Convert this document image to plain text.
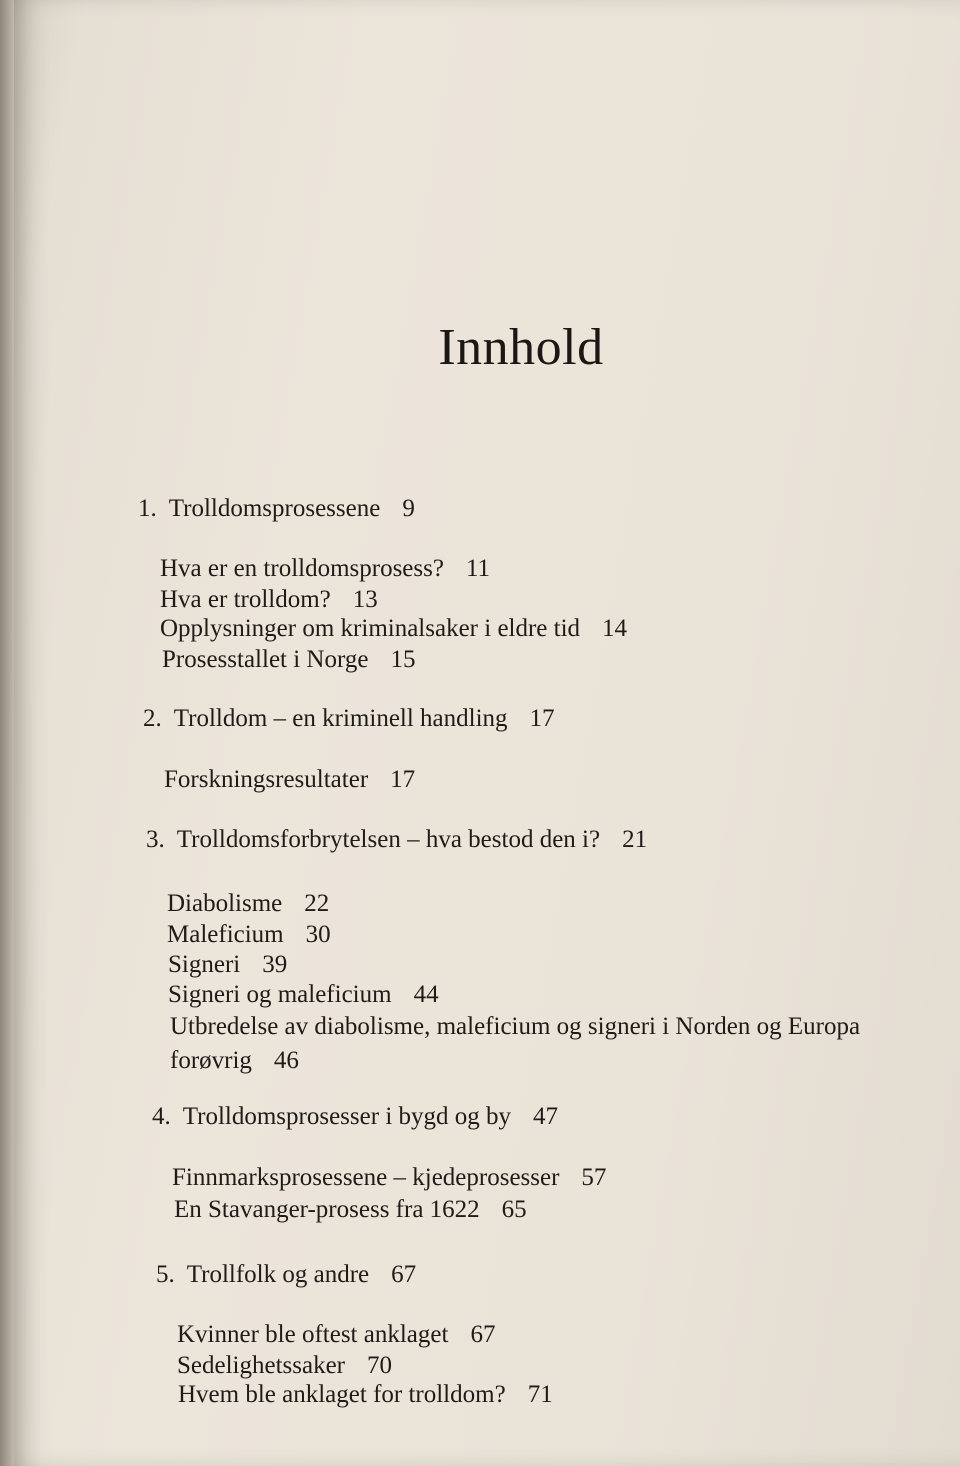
Innhold
1. Trolldomsprosessene 9
Hva er en trolldomsprosess? 11
Hva er trolldom? 13
Opplysninger om kriminalsaker i eldre tid 14
Prosesstallet i Norge 15
2. Trolldom – en kriminell handling 17
Forskningsresultater 17
3. Trolldomsforbrytelsen – hva bestod den i? 21
Diabolisme 22
Maleficium 30
Signeri 39
Signeri og maleficium 44
Utbredelse av diabolisme, maleficium og signeri i Norden og Europa forøvrig 46
4. Trolldomsprosesser i bygd og by 47
Finnmarksprosessene – kjedeprosesser 57
En Stavanger-prosess fra 1622 65
5. Trollfolk og andre 67
Kvinner ble oftest anklaget 67
Sedelighetssaker 70
Hvem ble anklaget for trolldom? 71
